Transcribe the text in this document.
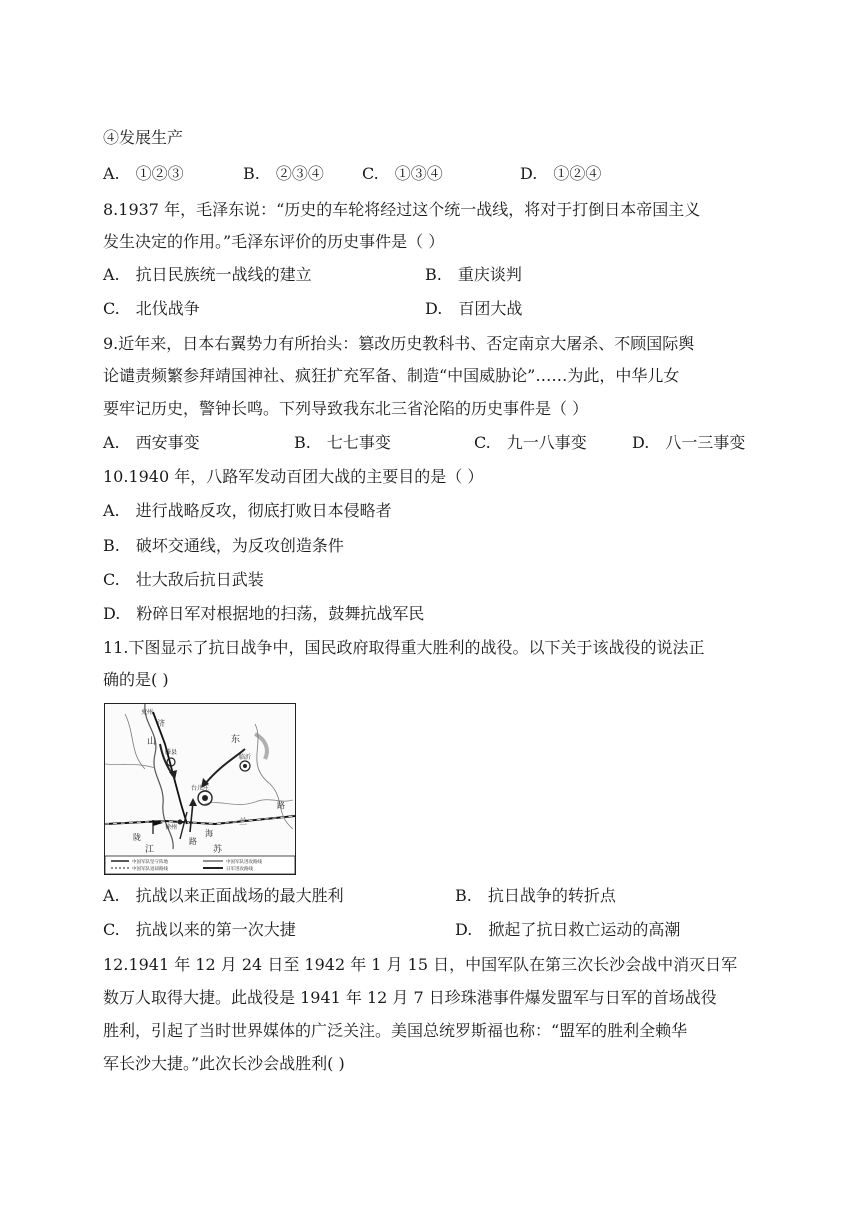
④发展生产
A.　①②③	B.　②③④ C.　①③④	D.　①②④
8.1937 年，毛泽东说：“历史的车轮将经过这个统一战线，将对于打倒日本帝国主义
发生决定的作用。”毛泽东评价的历史事件是（ ）
A.　抗日民族统一战线的建立	B.　重庆谈判
C.　北伐战争	D.　百团大战
9.近年来，日本右翼势力有所抬头：篡改历史教科书、否定南京大屠杀、不顾国际舆
论谴责频繁参拜靖国神社、疯狂扩充军备、制造“中国威胁论”……为此，中华儿女
要牢记历史，警钟长鸣。下列导致我东北三省沦陷的历史事件是（ ）
A.　西安事变	B.　七七事变	C.　九一八事变	D.　八一三事变
10.1940 年，八路军发动百团大战的主要目的是（ ）
A.　进行战略反攻，彻底打败日本侵略者
B.　破坏交通线，为反攻创造条件
C.　壮大敌后抗日武装
D.　粉碎日军对根据地的扫荡，鼓舞抗战军民
11.下图显示了抗日战争中，国民政府取得重大胜利的战役。以下关于该战役的说法正
确的是( )
兖州
济
山
滕县
东
临沂
台儿庄
徐州
陇	海
路
江	苏
兰
路
中国军队坚守阵地
中国军队退却路线
中国军队进攻路线
日军进攻路线
A.　抗战以来正面战场的最大胜利	B.　抗日战争的转折点
C.　抗战以来的第一次大捷	D.　掀起了抗日救亡运动的高潮
12.1941 年 12 月 24 日至 1942 年 1 月 15 日，中国军队在第三次长沙会战中消灭日军
数万人取得大捷。此战役是 1941 年 12 月 7 日珍珠港事件爆发盟军与日军的首场战役
胜利，引起了当时世界媒体的广泛关注。美国总统罗斯福也称：“盟军的胜利全赖华
军长沙大捷。”此次长沙会战胜利( )
